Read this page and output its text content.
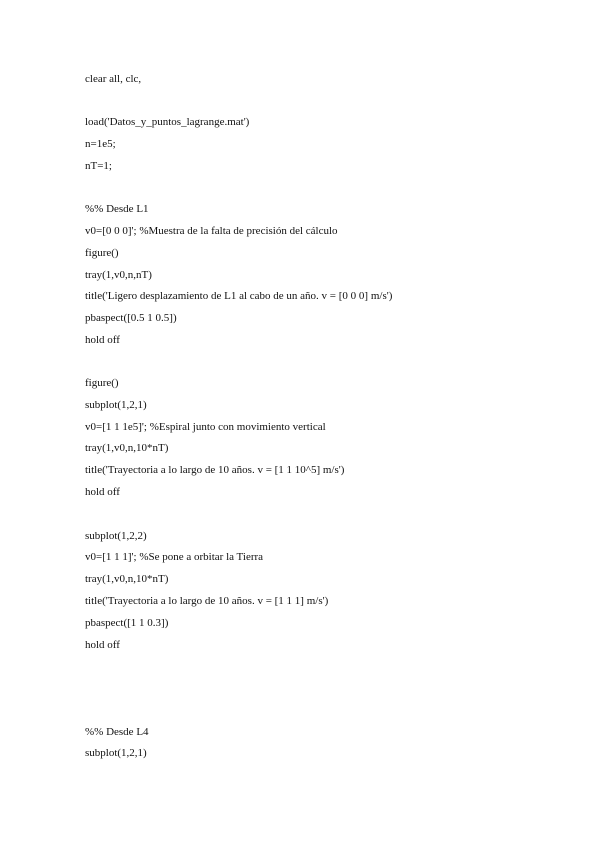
clear all, clc,
load('Datos_y_puntos_lagrange.mat')
n=1e5;
nT=1;
%% Desde L1
v0=[0 0 0]'; %Muestra de la falta de precisión del cálculo
figure()
tray(1,v0,n,nT)
title('Ligero desplazamiento de L1 al cabo de un año. v = [0 0 0] m/s')
pbaspect([0.5 1 0.5])
hold off
figure()
subplot(1,2,1)
v0=[1 1 1e5]'; %Espiral junto con movimiento vertical
tray(1,v0,n,10*nT)
title('Trayectoria a lo largo de 10 años. v = [1 1 10^5] m/s')
hold off
subplot(1,2,2)
v0=[1 1 1]'; %Se pone a orbitar la Tierra
tray(1,v0,n,10*nT)
title('Trayectoria a lo largo de 10 años. v = [1 1 1] m/s')
pbaspect([1 1 0.3])
hold off
%% Desde L4
subplot(1,2,1)
